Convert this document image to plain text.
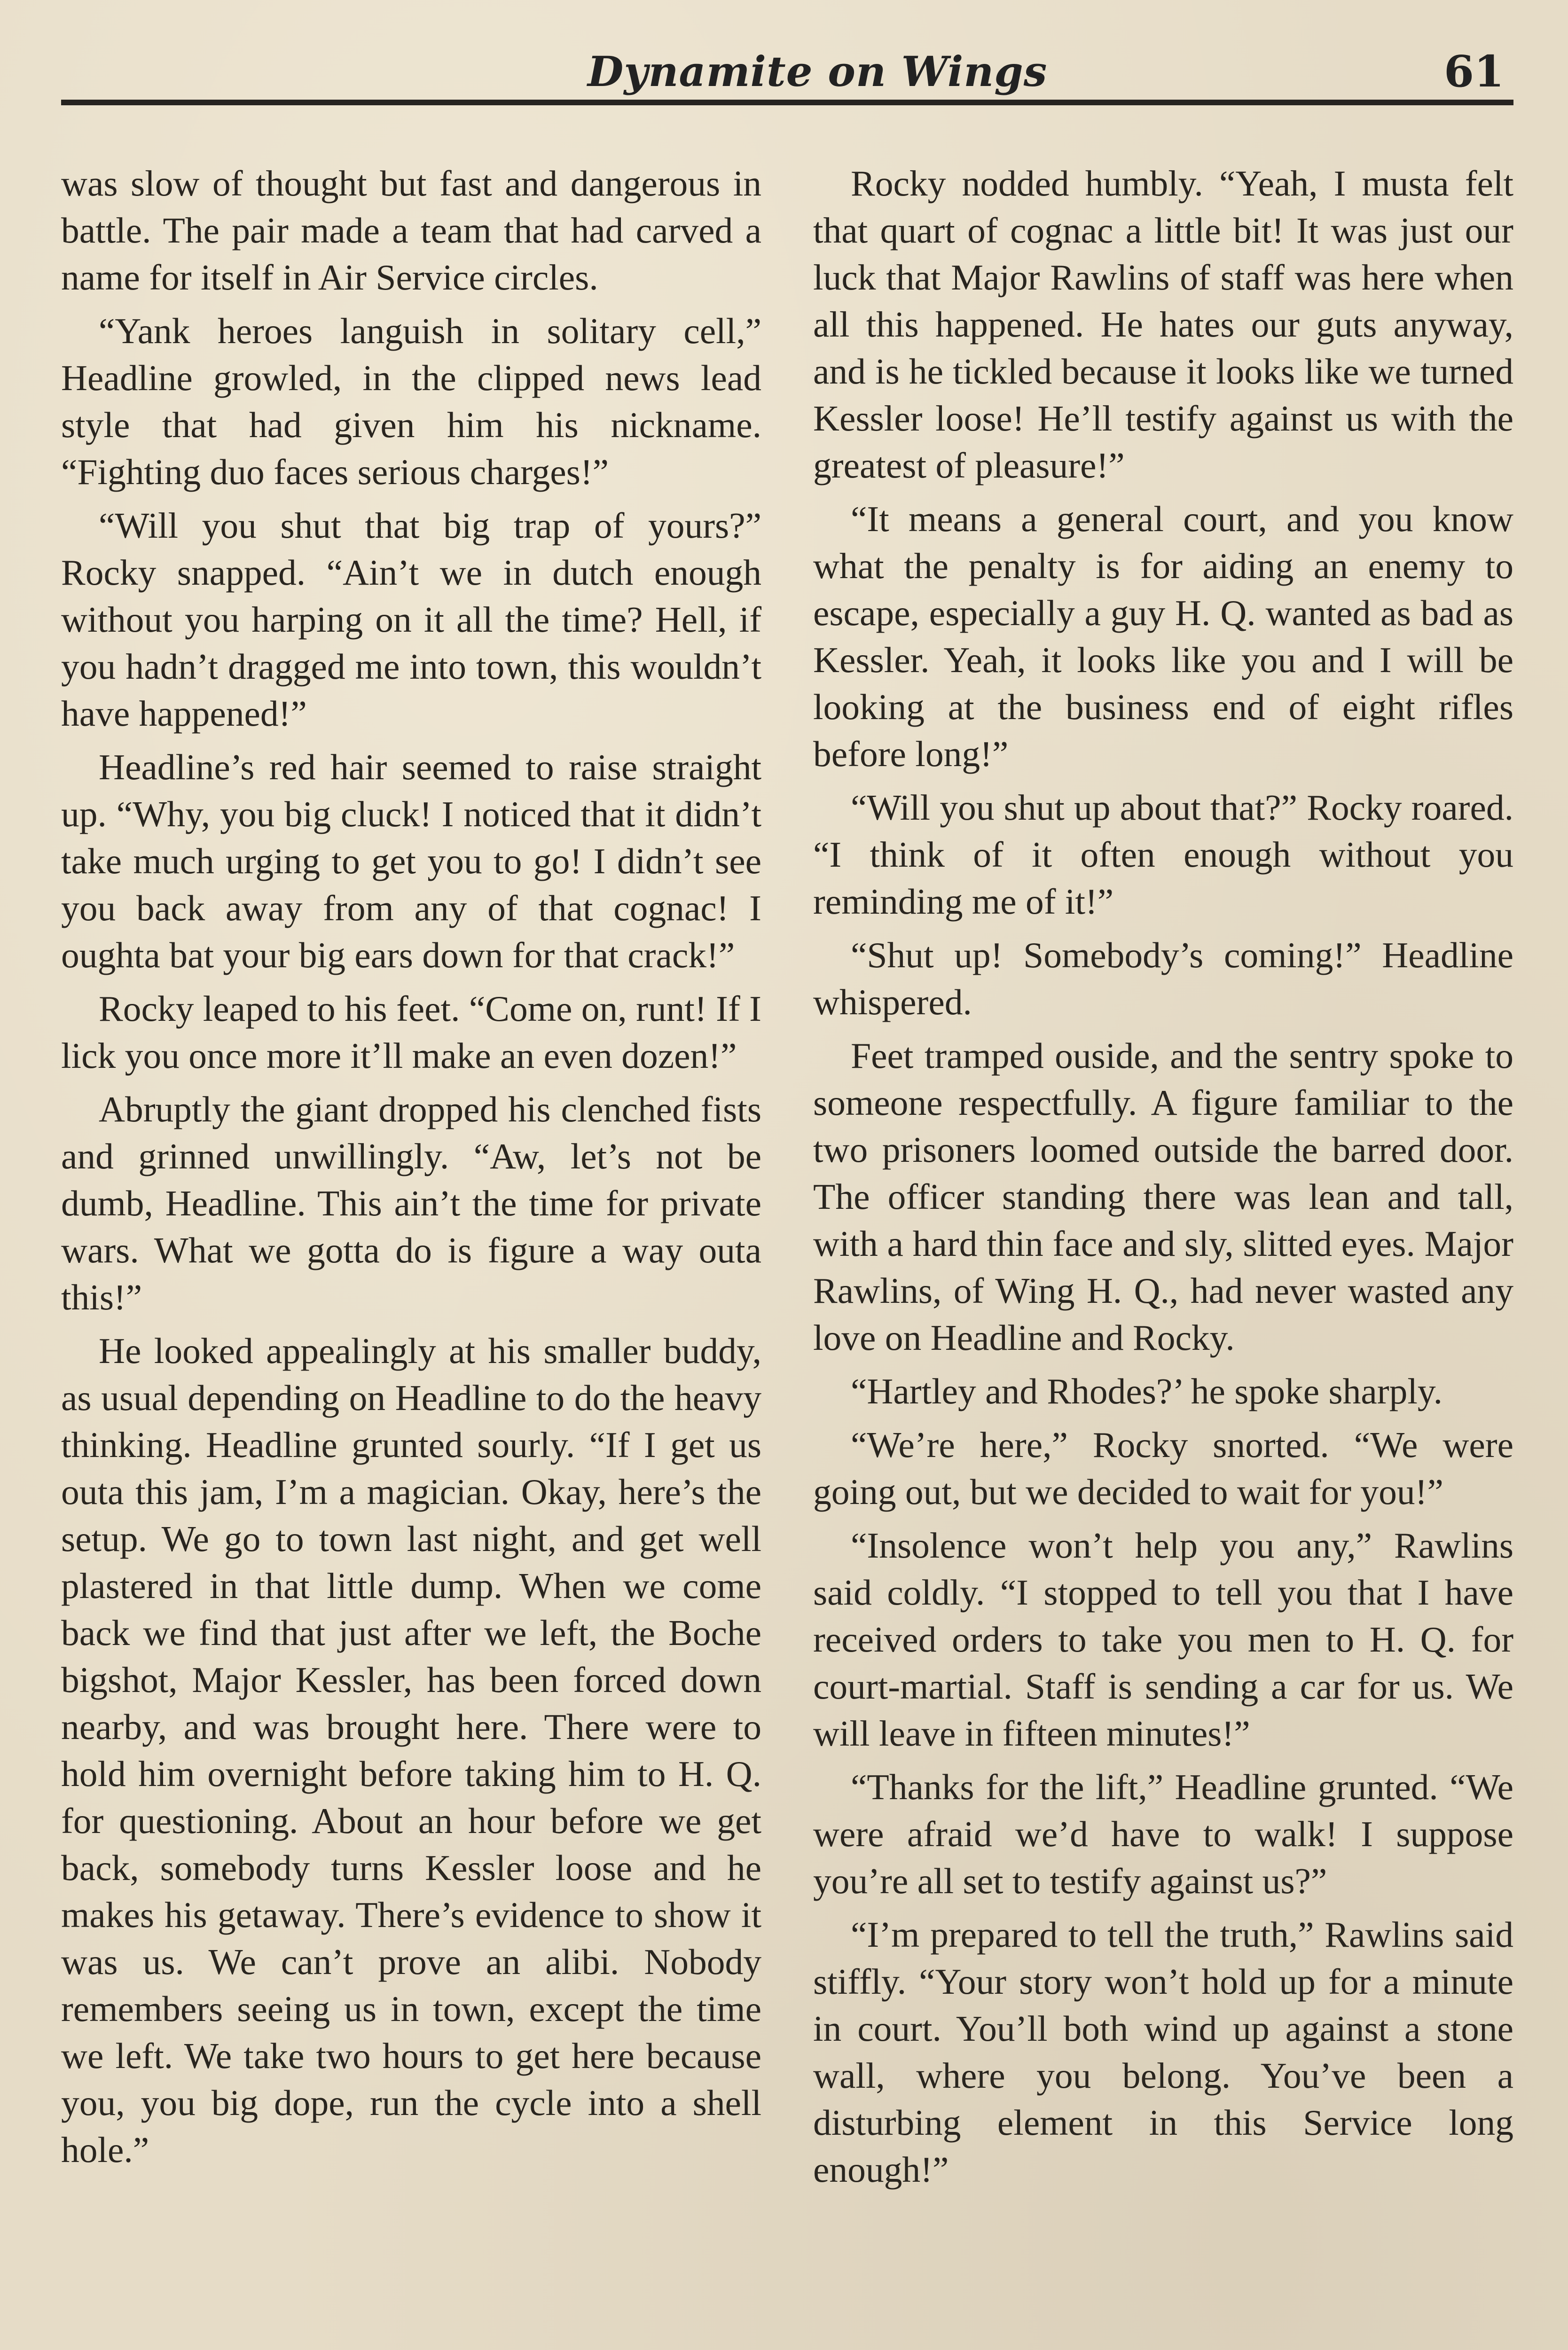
Dynamite on Wings	61

was slow of thought but fast and dangerous in battle. The pair made a team that had carved a name for itself in Air Service circles.

“Yank heroes languish in solitary cell,” Headline growled, in the clipped news lead style that had given him his nickname. “Fighting duo faces serious charges!”

“Will you shut that big trap of yours?” Rocky snapped. “Ain’t we in dutch enough without you harping on it all the time? Hell, if you hadn’t dragged me into town, this wouldn’t have happened!”

Headline’s red hair seemed to raise straight up. “Why, you big cluck! I noticed that it didn’t take much urging to get you to go! I didn’t see you back away from any of that cognac! I oughta bat your big ears down for that crack!”

Rocky leaped to his feet. “Come on, runt! If I lick you once more it’ll make an even dozen!”

Abruptly the giant dropped his clenched fists and grinned unwillingly. “Aw, let’s not be dumb, Headline. This ain’t the time for private wars. What we gotta do is figure a way outa this!”

He looked appealingly at his smaller buddy, as usual depending on Headline to do the heavy thinking. Headline grunted sourly. “If I get us outa this jam, I’m a magician. Okay, here’s the setup. We go to town last night, and get well plastered in that little dump. When we come back we find that just after we left, the Boche bigshot, Major Kessler, has been forced down nearby, and was brought here. There were to hold him overnight before taking him to H. Q. for questioning. About an hour before we get back, somebody turns Kessler loose and he makes his getaway. There’s evidence to show it was us. We can’t prove an alibi. Nobody remembers seeing us in town, except the time we left. We take two hours to get here because you, you big dope, run the cycle into a shell hole.”

Rocky nodded humbly. “Yeah, I musta felt that quart of cognac a little bit! It was just our luck that Major Rawlins of staff was here when all this happened. He hates our guts anyway, and is he tickled because it looks like we turned Kessler loose! He’ll testify against us with the greatest of pleasure!”

“It means a general court, and you know what the penalty is for aiding an enemy to escape, especially a guy H. Q. wanted as bad as Kessler. Yeah, it looks like you and I will be looking at the business end of eight rifles before long!”

“Will you shut up about that?” Rocky roared. “I think of it often enough without you reminding me of it!”

“Shut up! Somebody’s coming!” Headline whispered.

Feet tramped ouside, and the sentry spoke to someone respectfully. A figure familiar to the two prisoners loomed outside the barred door. The officer standing there was lean and tall, with a hard thin face and sly, slitted eyes. Major Rawlins, of Wing H. Q., had never wasted any love on Headline and Rocky.

“Hartley and Rhodes?’ he spoke sharply.

“We’re here,” Rocky snorted. “We were going out, but we decided to wait for you!”

“Insolence won’t help you any,” Rawlins said coldly. “I stopped to tell you that I have received orders to take you men to H. Q. for court-martial. Staff is sending a car for us. We will leave in fifteen minutes!”

“Thanks for the lift,” Headline grunted. “We were afraid we’d have to walk! I suppose you’re all set to testify against us?”

“I’m prepared to tell the truth,” Rawlins said stiffly. “Your story won’t hold up for a minute in court. You’ll both wind up against a stone wall, where you belong. You’ve been a disturbing element in this Service long enough!”
